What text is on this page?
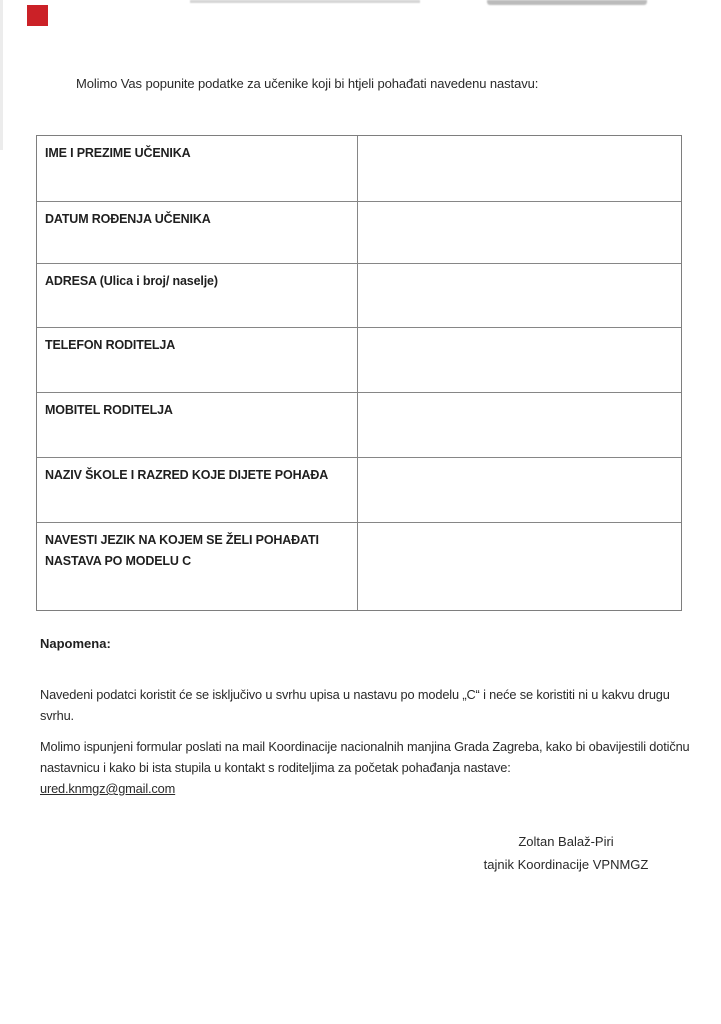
Molimo Vas popunite podatke za učenike koji bi htjeli pohađati navedenu nastavu:
IME I PREZIME UČENIKA
DATUM ROĐENJA UČENIKA
ADRESA (Ulica i broj/ naselje)
TELEFON RODITELJA
MOBITEL RODITELJA
NAZIV ŠKOLE I RAZRED KOJE DIJETE POHAĐA
NAVESTI JEZIK NA KOJEM SE ŽELI POHAĐATI NASTAVA PO MODELU C
Napomena:
Navedeni podatci koristit će se isključivo u svrhu upisa u nastavu po modelu „C“ i neće se koristiti ni u kakvu drugu svrhu.
Molimo ispunjeni formular poslati na mail Koordinacije nacionalnih manjina Grada Zagreba, kako bi obavijestili dotičnu nastavnicu i kako bi ista stupila u kontakt s roditeljima za početak pohađanja nastave:
ured.knmgz@gmail.com
Zoltan Balaž-Piri
tajnik Koordinacije VPNMGZ
